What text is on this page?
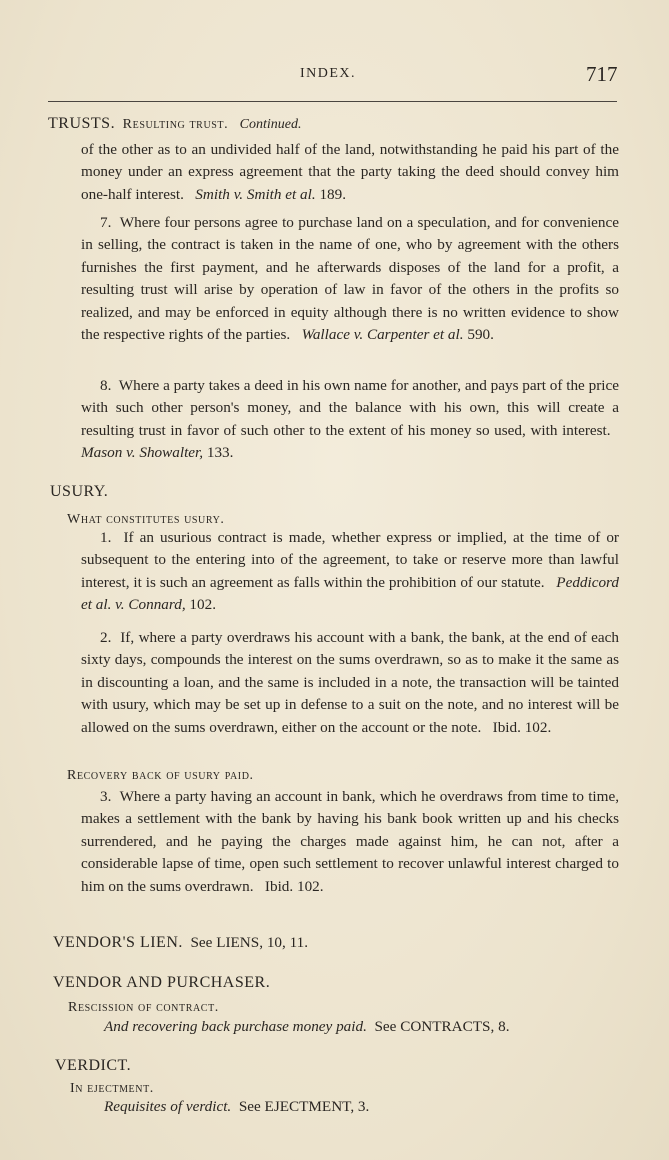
INDEX.	717
TRUSTS. Resulting trust. Continued.
of the other as to an undivided half of the land, notwithstanding he paid his part of the money under an express agreement that the party taking the deed should convey him one-half interest. Smith v. Smith et al. 189.
7. Where four persons agree to purchase land on a speculation, and for convenience in selling, the contract is taken in the name of one, who by agreement with the others furnishes the first payment, and he afterwards disposes of the land for a profit, a resulting trust will arise by operation of law in favor of the others in the profits so realized, and may be enforced in equity although there is no written evidence to show the respective rights of the parties. Wallace v. Carpenter et al. 590.
8. Where a party takes a deed in his own name for another, and pays part of the price with such other person's money, and the balance with his own, this will create a resulting trust in favor of such other to the extent of his money so used, with interest.   Mason v. Showalter, 133.
USURY.
What constitutes usury.
1. If an usurious contract is made, whether express or implied, at the time of or subsequent to the entering into of the agreement, to take or reserve more than lawful interest, it is such an agreement as falls within the prohibition of our statute. Peddicord et al. v. Connard, 102.
2. If, where a party overdraws his account with a bank, the bank, at the end of each sixty days, compounds the interest on the sums overdrawn, so as to make it the same as in discounting a loan, and the same is included in a note, the transaction will be tainted with usury, which may be set up in defense to a suit on the note, and no interest will be allowed on the sums overdrawn, either on the account or the note. Ibid. 102.
Recovery back of usury paid.
3. Where a party having an account in bank, which he overdraws from time to time, makes a settlement with the bank by having his bank book written up and his checks surrendered, and he paying the charges made against him, he can not, after a considerable lapse of time, open such settlement to recover unlawful interest charged to him on the sums overdrawn. Ibid. 102.
VENDOR'S LIEN. See LIENS, 10, 11.
VENDOR AND PURCHASER.
Rescission of contract.
And recovering back purchase money paid. See CONTRACTS, 8.
VERDICT.
In ejectment.
Requisites of verdict. See EJECTMENT, 3.
